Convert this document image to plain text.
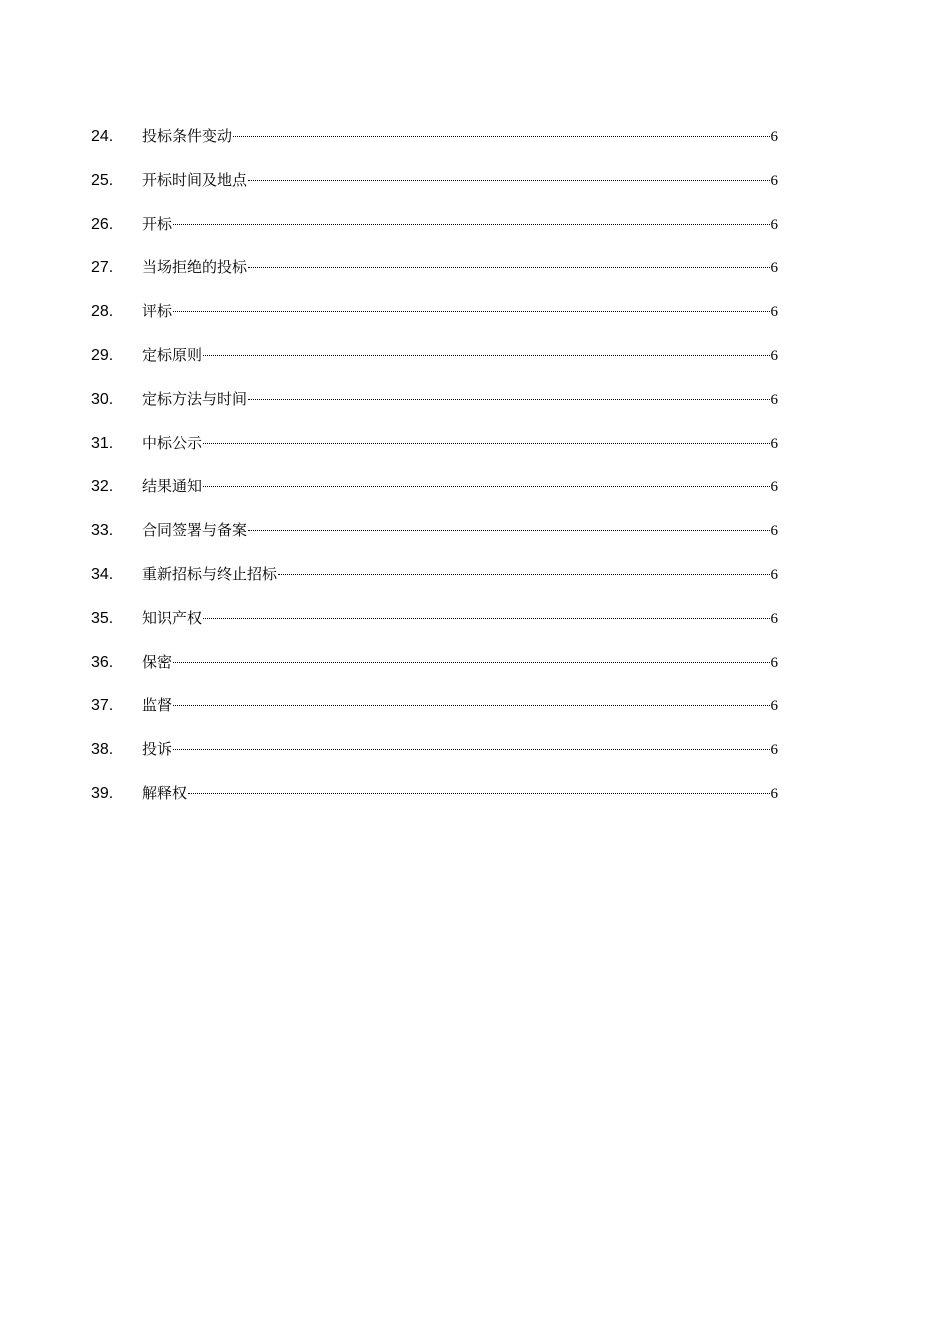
24.	投标条件变动	6
25.	开标时间及地点	6
26.	开标	6
27.	当场拒绝的投标	6
28.	评标	6
29.	定标原则	6
30.	定标方法与时间	6
31.	中标公示	6
32.	结果通知	6
33.	合同签署与备案	6
34.	重新招标与终止招标	6
35.	知识产权	6
36.	保密	6
37.	监督	6
38.	投诉	6
39.	解释权	6
